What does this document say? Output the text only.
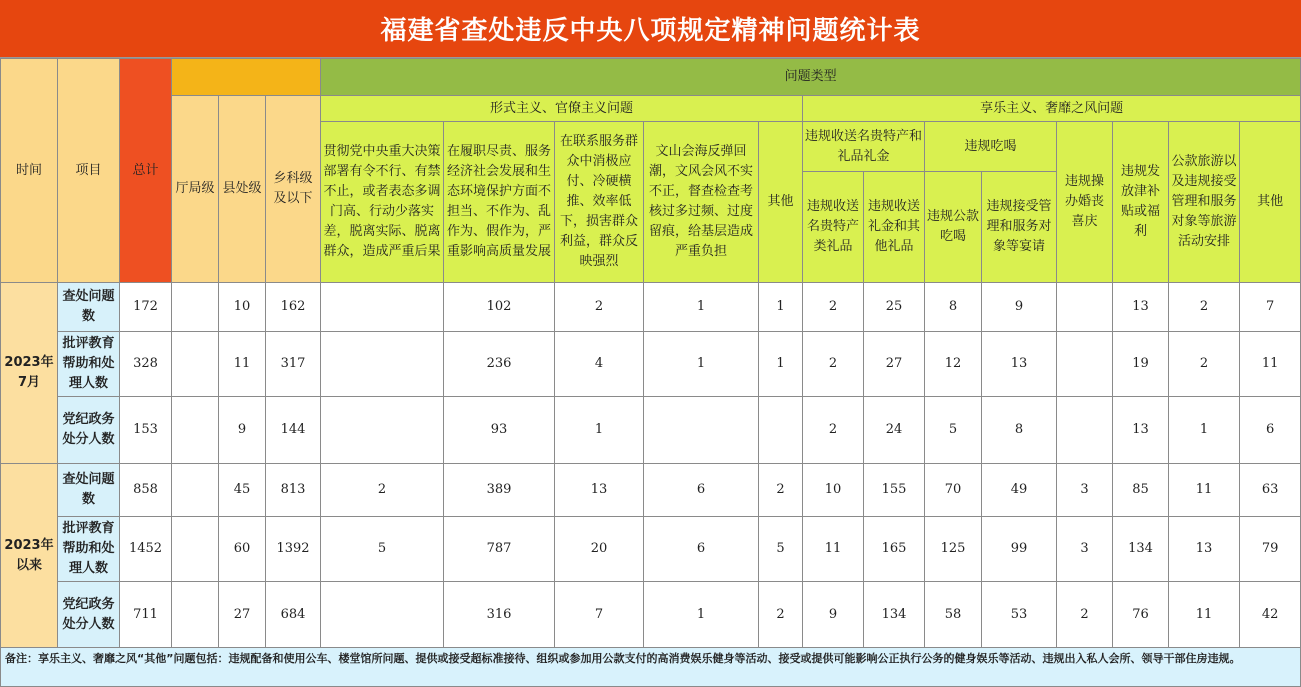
福建省查处违反中央八项规定精神问题统计表
时间	项目	总计				问题类型												
			厅局级	县处级	乡科级及以下	形式主义、官僚主义问题					享乐主义、奢靡之风问题							
						贯彻党中央重大决策部署有令不行、有禁不止，或者表态多调门高、行动少落实差，脱离实际、脱离群众，造成严重后果	在履职尽责、服务经济社会发展和生态环境保护方面不担当、不作为、乱作为、假作为，严重影响高质量发展	在联系服务群众中消极应付、冷硬横推、效率低下，损害群众利益，群众反映强烈	文山会海反弹回潮，文风会风不实不正，督查检查考核过多过频、过度留痕，给基层造成严重负担	其他	违规收送名贵特产和礼品礼金		违规吃喝		违规操办婚丧喜庆	违规发放津补贴或福利	公款旅游以及违规接受管理和服务对象等旅游活动安排	其他
											违规收送名贵特产类礼品	违规收送礼金和其他礼品	违规公款吃喝	违规接受管理和服务对象等宴请				

2023年7月	查处问题数	172		10	162		102	2	1	1	2	25	8	9		13	2	7
	批评教育帮助和处理人数	328		11	317		236	4	1	1	2	27	12	13		19	2	11
	党纪政务处分人数	153		9	144		93	1			2	24	5	8		13	1	6
2023年以来	查处问题数	858		45	813	2	389	13	6	2	10	155	70	49	3	85	11	63
	批评教育帮助和处理人数	1452		60	1392	5	787	20	6	5	11	165	125	99	3	134	13	79
	党纪政务处分人数	711		27	684		316	7	1	2	9	134	58	53	2	76	11	42
备注：享乐主义、奢靡之风“其他”问题包括：违规配备和使用公车、楼堂馆所问题、提供或接受超标准接待、组织或参加用公款支付的高消费娱乐健身等活动、接受或提供可能影响公正执行公务的健身娱乐等活动、违规出入私人会所、领导干部住房违规。
